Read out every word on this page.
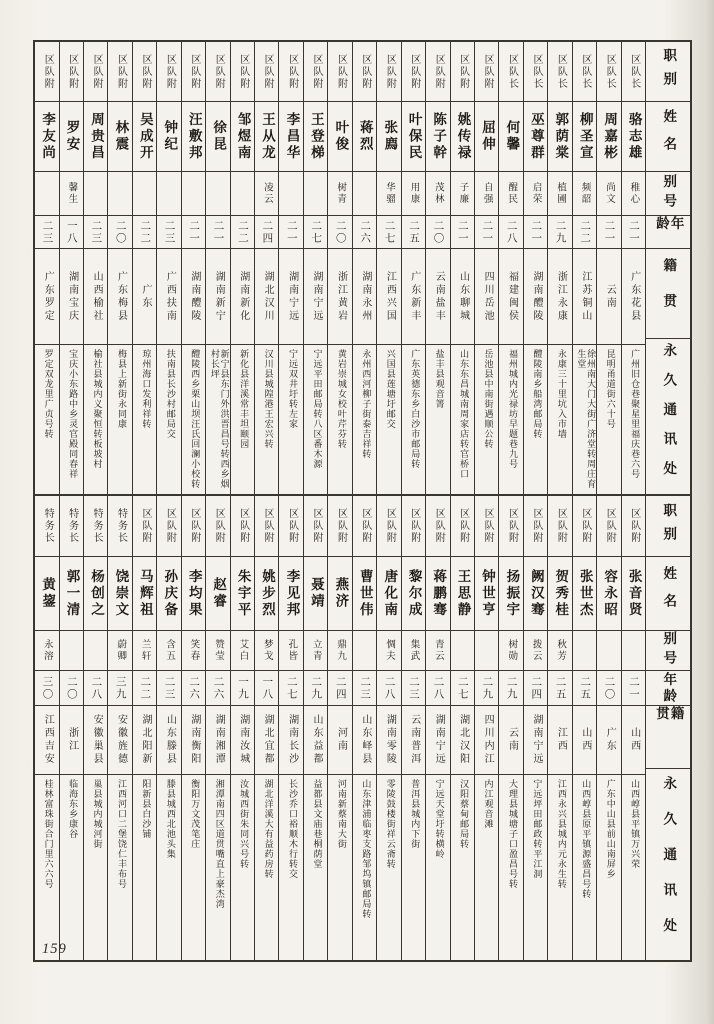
职别
姓名
别号
年龄
籍贯
永久通讯处
区队长
骆志雄
稚心
二一
广东花县
广州旧仓巷聚星里福庆巷六号
区队长
周嘉彬
尚文
二一
云南
昆明甬道街六十号
区队长
柳圣宣
频韶
二二
江苏铜山
徐州南大门大街广济堂转周庄育生堂
区队长
郭荫棠
植圃
二九
浙江永康
永康三十里坑入市墙
区队长
巫尊群
启荣
二一
湖南醴陵
醴陵南乡船湾邮局转
区队长
何馨
醒民
二八
福建闽侯
福州城内光禄坊早题巷九号
区队附
屈伸
自强
二一
四川岳池
岳池县中南街遇顺公转
区队附
姚传禄
子廉
二一
山东聊城
山东东昌城南周家店转官桥口
区队附
陈子幹
茂林
二〇
云南盐丰
盐丰县观音箐
区队附
叶保民
用康
二五
广东新丰
广东英德东乡白沙市邮局转
区队附
张廌
华骝
二七
江西兴国
兴国县莲塘圩邮交
区队附
蒋烈
二六
湖南永州
永州西河柳子街泰吉祥转
区队附
叶俊
树青
二〇
浙江黄岩
黄岩崇城女校叶芹芬转
区队附
王登梯
二七
湖南宁远
宁远平田邮局转八区番木源
区队附
李昌华
二一
湖南宁远
宁远双井圩转左家
区队附
王从龙
凌云
二四
湖北汉川
汉川县城隍港王宏兴转
区队附
邹煜南
二二
湖南新化
新化县洋溪常丰坦颐园
区队附
徐昆
二一
湖南新宁
新宁县东门外洪晋昌号转西乡烟村长坪
区队附
汪敷邦
二一
湖南醴陵
醴陵西乡栗山坝汪氏回澜小校转
区队附
钟纪
二三
广西扶南
扶南县长沙村邮局交
区队附
吴成开
二二
广东
琼州海口发利祥转
区队附
林震
二〇
广东梅县
梅县上新街永同康
区队附
周贵昌
二三
山西榆社
榆社县城内义聚恒转板坡村
区队附
罗安
馨生
一八
湖南宝庆
宝庆小东路中乡灵官殿同春祥
区队附
李友尚
二三
广东罗定
罗定双龙里广贞号转
职别
姓名
别号
年龄
籍贯
永久通讯处
区队附
张音贤
二一
山西
山西崞县平镇万兴荣
区队附
容永昭
二〇
广东
广东中山县前山南屏乡
区队附
张世杰
二五
山西
山西崞县原平镇源盛昌号转
区队附
贺秀桂
秋芳
二五
江西
江西永兴县城内元永生转
区队附
阙汉骞
拨云
二四
湖南宁远
宁远坪田邮政转平江洞
区队附
扬振宇
树勋
二九
云南
大理县城塘子口盈昌号转
区队附
钟世亨
二九
四川内江
内江观音滩
区队附
王思静
二七
湖北汉阳
汉阳蔡甸邮局转
区队附
蒋鹏骞
青云
二八
湖南宁远
宁远天堂圩转横岭
区队附
黎尔成
集武
二三
云南普洱
普洱县城内下街
区队附
唐化南
惆夫
二八
湖南零陵
零陵鼓楼街祥云斋转
区队附
曹世伟
二三
山东峄县
山东津浦临枣支路邹坞镇邮局转
区队附
燕济
鼎九
二四
河南
河南新蔡南大街
区队附
聂靖
立青
二九
山东益都
益都县文庙巷桐荫堂
区队附
李见邦
孔皆
二七
湖南长沙
长沙乔口裕顺木行转交
区队附
姚步烈
梦戈
一八
湖北宜都
湖北洋溪大有益药房转
区队附
朱宇平
艾白
一九
湖南汝城
汝城西街朱同兴号转
区队附
赵睿
赞莹
二六
湖南湘潭
湘潭南四区道贯嘴直上豪杰湾
区队附
李均果
笑春
二六
湖南衡阳
衡阳万文茂笔庄
区队附
孙庆备
含五
二三
山东滕县
滕县城西北池头集
区队附
马辉祖
兰轩
二二
湖北阳新
阳新县白沙铺
特务长
饶崇文
蔚卿
三九
安徽旌德
江西河口二堡饶仁丰布号
特务长
杨创之
二八
安徽巢县
巢县城内城河街
特务长
郭一清
二〇
浙江
临海东乡康谷
特务长
黄鋆
永溶
三〇
江西吉安
桂林富珠街合门里六六号
159
